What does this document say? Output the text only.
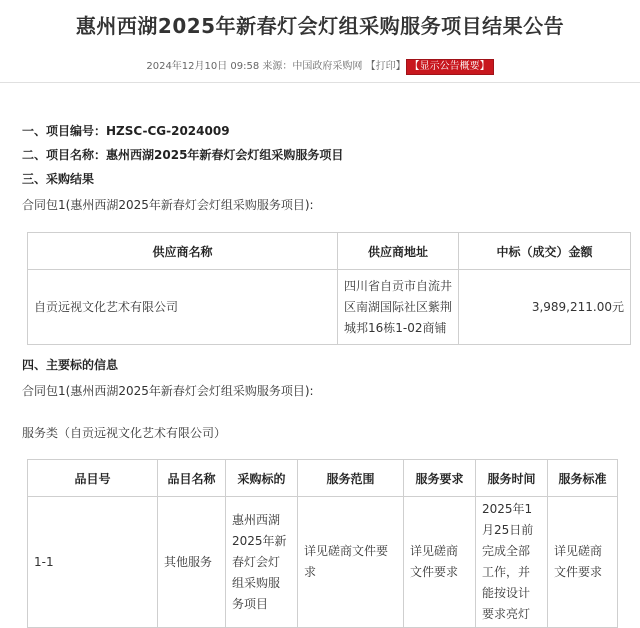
惠州西湖2025年新春灯会灯组采购服务项目结果公告
2024年12月10日 09:58 来源：中国政府采购网 【打印】 【显示公告概要】
一、项目编号：HZSC-CG-2024009
二、项目名称：惠州西湖2025年新春灯会灯组采购服务项目
三、采购结果
合同包1(惠州西湖2025年新春灯会灯组采购服务项目):
供应商名称	供应商地址	中标（成交）金额
自贡远视文化艺术有限公司	四川省自贡市自流井区南湖国际社区紫荆城邦16栋1-02商铺	3,989,211.00元
四、主要标的信息
合同包1(惠州西湖2025年新春灯会灯组采购服务项目):
服务类（自贡远视文化艺术有限公司）
品目号	品目名称	采购标的	服务范围	服务要求	服务时间	服务标准
1-1	其他服务	惠州西湖2025年新春灯会灯组采购服务项目	详见磋商文件要求	详见磋商文件要求	2025年1月25日前完成全部工作，并能按设计要求亮灯	详见磋商文件要求
